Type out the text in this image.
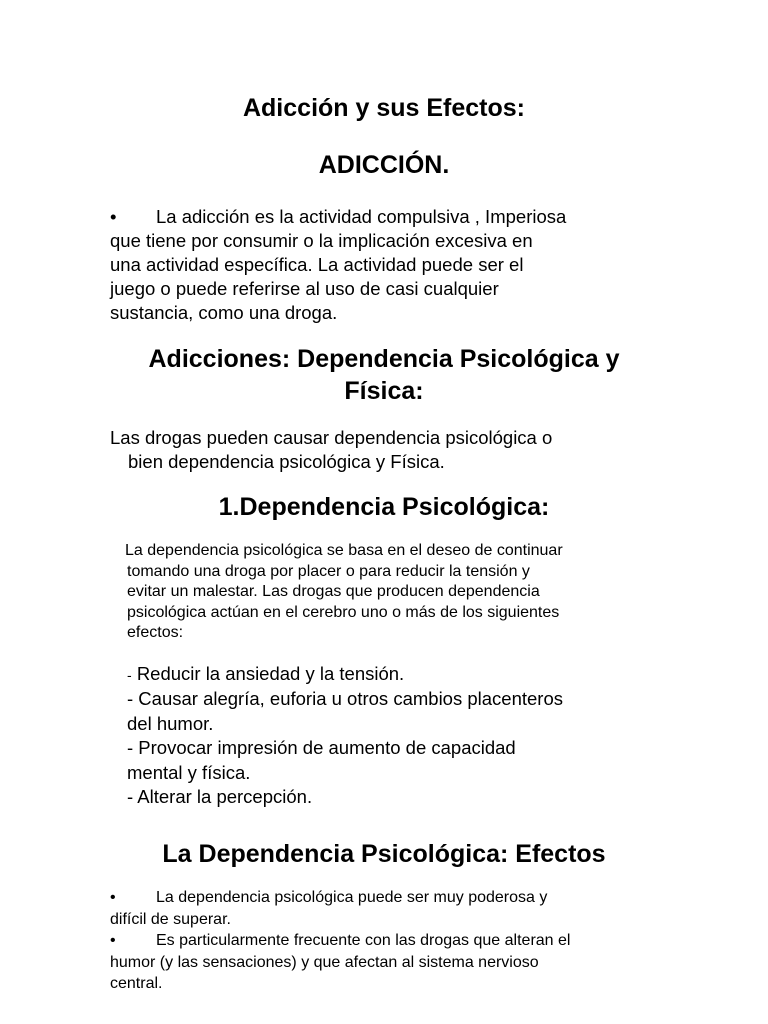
Adicción y sus Efectos:
ADICCIÓN.
• La adicción es la actividad compulsiva , Imperiosa
que tiene por consumir o la implicación excesiva en
una actividad específica. La actividad puede ser el
juego o puede referirse al uso de casi cualquier
sustancia, como una droga.
Adicciones: Dependencia Psicológica y
Física:
Las drogas pueden causar dependencia psicológica o
bien dependencia psicológica y Física.
1.Dependencia Psicológica:
La dependencia psicológica se basa en el deseo de continuar
tomando una droga por placer o para reducir la tensión y
evitar un malestar. Las drogas que producen dependencia
psicológica actúan en el cerebro uno o más de los siguientes
efectos:
- Reducir la ansiedad y la tensión.
- Causar alegría, euforia u otros cambios placenteros
del humor.
- Provocar impresión de aumento de capacidad
mental y física.
- Alterar la percepción.
La Dependencia Psicológica: Efectos
•	La dependencia psicológica puede ser muy poderosa y
difícil de superar.
•	Es particularmente frecuente con las drogas que alteran el
humor (y las sensaciones) y que afectan al sistema nervioso
central.
